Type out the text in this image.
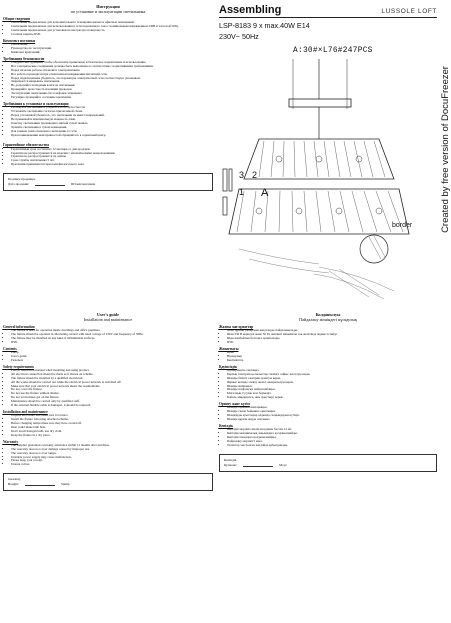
Инструкция
по установке и эксплуатации светильника
Общие сведения
• Светильник предназначен для дополнительного освещения жилых и офисных помещений.
• Светильник предназначен для использования в сети переменного тока с номинальным напряжением 230В и частотой 50Гц.
• Светильник предназначен для установки на негорючую поверхность.
• Степень защиты IP20.
Комплект поставки
• Светильник.
• Руководство по эксплуатации.
• Комплект креплений.
Требования безопасности
• Следуйте инструкциям, чтобы обеспечить правильное и безопасное подключение и использование.
• Все электрические соединения должны быть выполнены в соответствии с нормативными требованиями.
• Перед началом работы отключите электропитание.
• Все работы проводятся при отключенном напряжении питающей сети.
• Перед подключением убедитесь, что параметры электрической сети соответствуют указанным.
• Запрещается накрывать светильник.
• Не допускайте попадания влаги на светильник.
• Проверяйте целостность изоляции проводов.
• Эксплуатация светильника без плафонов запрещена.
• Регулярно проверяйте состояние креплений.
Требования к установке и эксплуатации
• Распакуйте светильник и убедитесь в его целостности.
• Установите светильник согласно прилагаемой схеме.
• Перед установкой убедитесь, что светильник не имеет повреждений.
• Не превышайте максимальную мощность ламп.
• Очистку светильника производите мягкой сухой тканью.
• Храните светильник в сухом помещении.
• Для замены ламп отключите светильник от сети.
• При возникновении неисправностей обращайтесь в сервисный центр.
Гарантийные обязательства
• Гарантийный срок составляет 12 месяцев со дня продажи.
• Гарантия не распространяется на изделия с механическими повреждениями.
• Гарантия не распространяется на лампы.
• Срок службы светильника 5 лет.
• Претензии принимаются при наличии кассового чека.
Подпись продавца:
Дата продажи:	Штамп магазина
Assembling	LUSSOLE LOFT
LSP-8183 9 x max.40W E14
230V~ 50Hz
A:30#×L76#247PCS
3 2
1 A
border	Created by free version of DocuFreezer
User's guide
Installation and maintenance
General information
• The fixture is used for operation inside dwellings and office premises.
• The fixture should be operated in alternating current with rated voltage of 230V and frequency of 50Hz.
• The fixture may be installed on any kind of inflammable surfaces.
• IP20.
Contents
• Lamp
• User's guide
• Fasteners
Safety requirements
• Follow instruction manual when installing and using product.
• All electrical connection should be made as it shown on scheme.
• The fixture should be installed by a qualified electrician.
• All the works should be carried out while the electrical power network is switched off.
• Make sure that your electrical power network meets the requirements.
• Do not cover the fixture.
• Do not use the fixture without shades.
• Do not let moisture get on the fixture.
• Maintenance should be carried only by qualified staff.
• If the external flexible cable is damaged, it should be replaced.
Installation and maintenance
• Unpack the fixture and make sure it is intact.
• Install the fixture following attached scheme.
• Before changing lamps make sure they have cooled off.
• Dust could make bulb heat.
• Don't touch halogen bulb, use dry cloth.
• Keep the fixture in a dry place.
Warranty
• The supplier guarantees warranty assistance within 12 months after purchase.
• The warranty does not cover damage caused by improper use.
• The warranty does not cover lamps.
• Unstable power supply may cause malfunction.
• Please keep your receipt.
• Unsure call us.
Guaranty
Bought:	Stamp
Колданылуы
Пайдалану жөніндегі нұсқаулық
Жалпы мағлұматтар
• Шам тұрғын үйлер мен кеңселерде пайдаланылады.
• Шам 230 В кернеулі және 50 Гц жиілікті айнымалы ток желісінде жұмыс істейді.
• Шам жанбайтын беттерге орнатылады.
• IP20.
Жиынтығы
• Шам
• Нұсқаулық
• Бекіткіштер
Қауіпсіздік
• Нұсқаулықты сақтаңыз.
• Барлық электрлік қосылыстар схемаға сәйкес жасалуы керек.
• Шамды білікті электрик орнатуы керек.
• Жұмыс кезінде электр желісі ажыратылуы керек.
• Шамды жаппаңыз.
• Шамды плафонсыз пайдаланбаңыз.
• Ылғалдың түсуіне жол бермеңіз.
• Кабель зақымдалса, оны ауыстыру керек.
Орнату және күтім
• Шамды орамнан шығарыңыз.
• Шамды схема бойынша орнатыңыз.
• Шамдарды ауыстырар алдында салқындауын күтіңіз.
• Шамды құрғақ жерде сақтаңыз.
Кепілдік
• Кепілдік мерзімі сатылған күннен бастап 12 ай.
• Кепілдік механикалық зақымдарға қолданылмайды.
• Кепілдік шамдарға қолданылмайды.
• Пайдалану мерзімі 5 жыл.
• Талаптар чек болған жағдайда қабылданады.
Кепілдік
Купленo:	Мөрі
